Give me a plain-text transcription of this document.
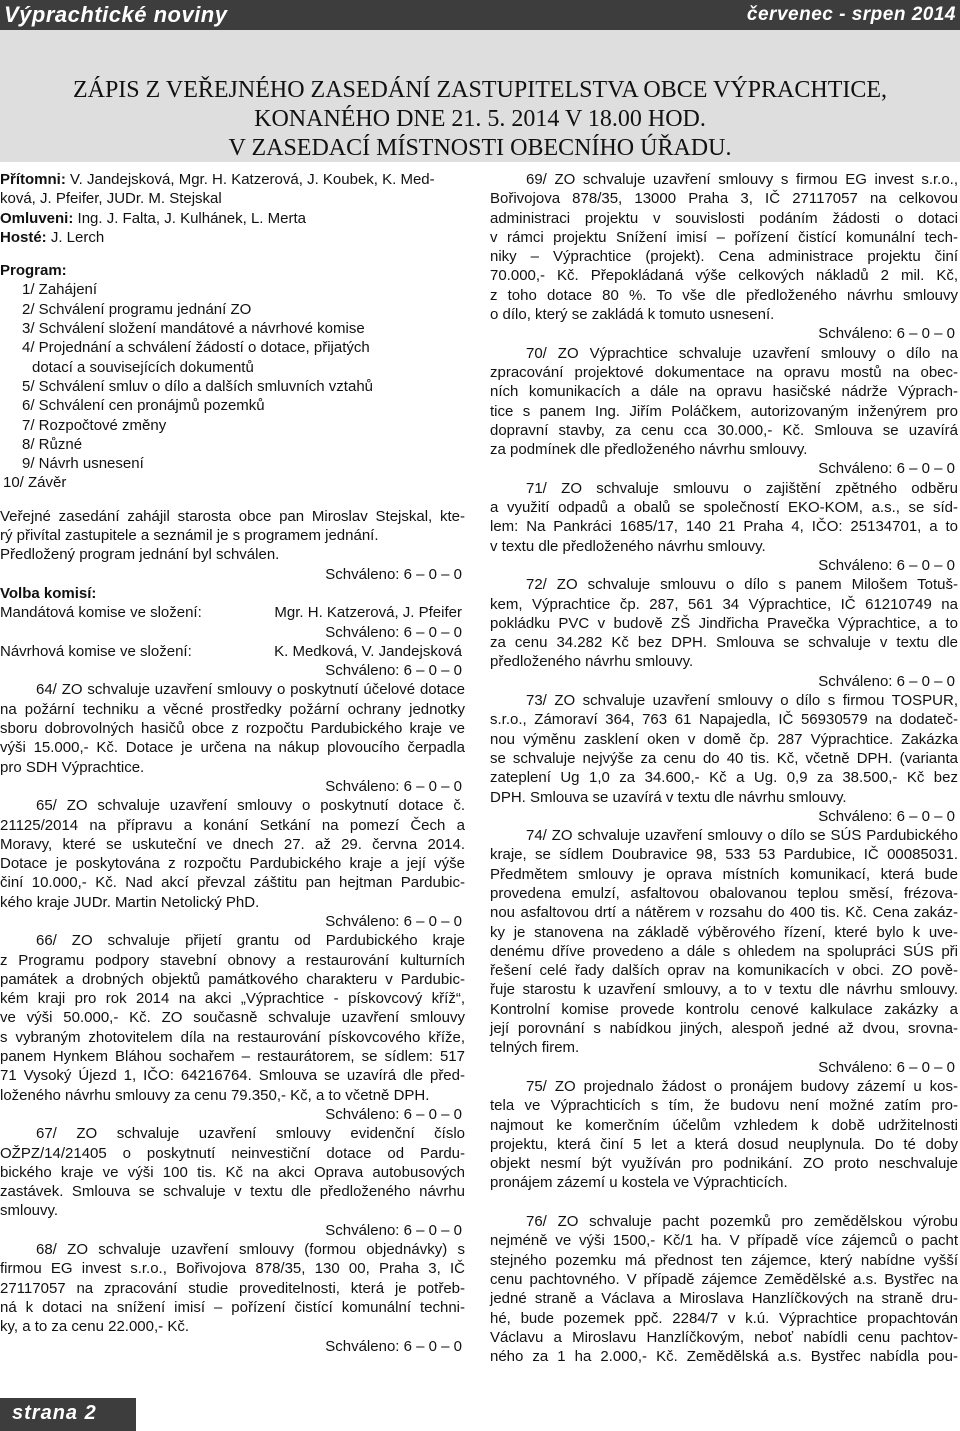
Výprachtické noviny	červenec - srpen 2014
ZÁPIS Z VEŘEJNÉHO ZASEDÁNÍ ZASTUPITELSTVA OBCE VÝPRACHTICE,
KONANÉHO DNE 21. 5. 2014 V 18.00 HOD.
V ZASEDACÍ MÍSTNOSTI OBECNÍHO ÚŘADU.

Přítomni: V. Jandejsková, Mgr. H. Katzerová, J. Koubek, K. Med-

ková, J. Pfeifer, JUDr. M. Stejskal

Omluveni: Ing. J. Falta, J. Kulhánek, L. Merta

Hosté: J. Lerch

Program:

1/ Zahájení
2/ Schválení programu jednání ZO
3/ Schválení složení mandátové a návrhové komise
4/ Projednání a schválení žádostí o dotace, přijatých
dotací a souvisejících dokumentů
5/ Schválení smluv o dílo a dalších smluvních vztahů
6/ Schválení cen pronájmů pozemků
7/ Rozpočtové změny
8/ Různé
9/ Návrh usnesení
10/ Závěr

Veřejné zasedání zahájil starosta obce pan Miroslav Stejskal, kte-

rý přivítal zastupitele a seznámil je s programem jednání.

Předložený program jednání byl schválen.

Schváleno: 6 – 0 – 0

Volba komisí:

Mandátová komise ve složení:	Mgr. H. Katzerová, J. Pfeifer

Schváleno: 6 – 0 – 0

Návrhová komise ve složení:	K. Medková, V. Jandejsková

Schváleno: 6 – 0 – 0

64/ ZO schvaluje uzavření smlouvy o poskytnutí účelové dotace

na požární techniku a věcné prostředky požární ochrany jednotky

sboru dobrovolných hasičů obce z rozpočtu Pardubického kraje ve

výši 15.000,- Kč. Dotace je určena na nákup plovoucího čerpadla

pro SDH Výprachtice.

Schváleno: 6 – 0 – 0

65/ ZO schvaluje uzavření smlouvy o poskytnutí dotace č.

21125/2014 na přípravu a konání Setkání na pomezí Čech a

Moravy, které se uskuteční ve dnech 27. až 29. června 2014.

Dotace je poskytována z rozpočtu Pardubického kraje a její výše

činí 10.000,- Kč. Nad akcí převzal záštitu pan hejtman Pardubic-

kého kraje JUDr. Martin Netolický PhD.

Schváleno: 6 – 0 – 0

66/ ZO schvaluje přijetí grantu od Pardubického kraje

z Programu podpory stavební obnovy a restaurování kulturních

památek a drobných objektů památkového charakteru v Pardubic-

kém kraji pro rok 2014 na akci „Výprachtice - pískovcový kříž“,

ve výši 50.000,- Kč. ZO současně schvaluje uzavření smlouvy

s vybraným zhotovitelem díla na restaurování pískovcového kříže,

panem Hynkem Bláhou sochařem – restaurátorem, se sídlem: 517

71 Vysoký Újezd 1, IČO: 64216764. Smlouva se uzavírá dle před-

loženého návrhu smlouvy za cenu 79.350,- Kč, a to včetně DPH.

Schváleno: 6 – 0 – 0

67/ ZO schvaluje uzavření smlouvy evidenční číslo

OŽPZ/14/21405 o poskytnutí neinvestiční dotace od Pardu-

bického kraje ve výši 100 tis. Kč na akci Oprava autobusových

zastávek. Smlouva se schvaluje v textu dle předloženého návrhu

smlouvy.

Schváleno: 6 – 0 – 0

68/ ZO schvaluje uzavření smlouvy (formou objednávky) s

firmou EG invest s.r.o., Bořivojova 878/35, 130 00, Praha 3, IČ

27117057 na zpracování studie proveditelnosti, která je potřeb-

ná k dotaci na snížení imisí – pořízení čistící komunální techni-

ky, a to za cenu 22.000,- Kč.

Schváleno: 6 – 0 – 0

69/ ZO schvaluje uzavření smlouvy s firmou EG invest s.r.o.,

Bořivojova 878/35, 13000 Praha 3, IČ 27117057 na celkovou

administraci projektu v souvislosti podáním žádosti o dotaci

v rámci projektu Snížení imisí – pořízení čistící komunální tech-

niky – Výprachtice (projekt). Cena administrace projektu činí

70.000,- Kč. Přepokládaná výše celkových nákladů 2 mil. Kč,

z toho dotace 80 %. To vše dle předloženého návrhu smlouvy

o dílo, který se zakládá k tomuto usnesení.

Schváleno: 6 – 0 – 0

70/ ZO Výprachtice schvaluje uzavření smlouvy o dílo na

zpracování projektové dokumentace na opravu mostů na obec-

ních komunikacích a dále na opravu hasičské nádrže Výprach-

tice s panem Ing. Jiřím Poláčkem, autorizovaným inženýrem pro

dopravní stavby, za cenu cca 30.000,- Kč. Smlouva se uzavírá

za podmínek dle předloženého návrhu smlouvy.

Schváleno: 6 – 0 – 0

71/ ZO schvaluje smlouvu o zajištění zpětného odběru

a využití odpadů a obalů se společností EKO-KOM, a.s., se síd-

lem: Na Pankráci 1685/17, 140 21 Praha 4, IČO: 25134701, a to

v textu dle předloženého návrhu smlouvy.

Schváleno: 6 – 0 – 0

72/ ZO schvaluje smlouvu o dílo s panem Milošem Totuš-

kem, Výprachtice čp. 287, 561 34 Výprachtice, IČ 61210749 na

pokládku PVC v budově ZŠ Jindřicha Pravečka Výprachtice, a to

za cenu 34.282 Kč bez DPH. Smlouva se schvaluje v textu dle

předloženého návrhu smlouvy.

Schváleno: 6 – 0 – 0

73/ ZO schvaluje uzavření smlouvy o dílo s firmou TOSPUR,

s.r.o., Zámoraví 364, 763 61 Napajedla, IČ 56930579 na dodateč-

nou výměnu zasklení oken v domě čp. 287 Výprachtice. Zakázka

se schvaluje nejvýše za cenu do 40 tis. Kč, včetně DPH. (varianta

zateplení Ug 1,0 za 34.600,- Kč a Ug. 0,9 za 38.500,- Kč bez

DPH. Smlouva se uzavírá v textu dle návrhu smlouvy.

Schváleno: 6 – 0 – 0

74/ ZO schvaluje uzavření smlouvy o dílo se SÚS Pardubického

kraje, se sídlem Doubravice 98, 533 53 Pardubice, IČ 00085031.

Předmětem smlouvy je oprava místních komunikací, která bude

provedena emulzí, asfaltovou obalovanou teplou směsí, frézova-

nou asfaltovou drtí a nátěrem v rozsahu do 400 tis. Kč. Cena zakáz-

ky je stanovena na základě výběrového řízení, které bylo k uve-

denému dříve provedeno a dále s ohledem na spolupráci SÚS při

řešení celé řady dalších oprav na komunikacích v obci. ZO pově-

řuje starostu k uzavření smlouvy, a to v textu dle návrhu smlouvy.

Kontrolní komise provede kontrolu cenové kalkulace zakázky a

její porovnání s nabídkou jiných, alespoň jedné až dvou, srovna-

telných firem.

Schváleno: 6 – 0 – 0

75/ ZO projednalo žádost o pronájem budovy zázemí u kos-

tela ve Výprachticích s tím, že budovu není možné zatím pro-

najmout ke komerčním účelům vzhledem k době udržitelnosti

projektu, která činí 5 let a která dosud neuplynula. Do té doby

objekt nesmí být využíván pro podnikání. ZO proto neschvaluje

pronájem zázemí u kostela ve Výprachticích.

76/ ZO schvaluje pacht pozemků pro zemědělskou výrobu

nejméně ve výši 1500,- Kč/1 ha. V případě více zájemců o pacht

stejného pozemku má přednost ten zájemce, který nabídne vyšší

cenu pachtovného. V případě zájemce Zemědělské a.s. Bystřec na

jedné straně a Václava a Miroslava Hanzlíčkových na straně dru-

hé, bude pozemek ppč. 2284/7 v k.ú. Výprachtice propachtován

Václavu a Miroslavu Hanzlíčkovým, neboť nabídli cenu pachtov-

ného za 1 ha 2.000,- Kč. Zemědělská a.s. Bystřec nabídla pou-

strana 2
